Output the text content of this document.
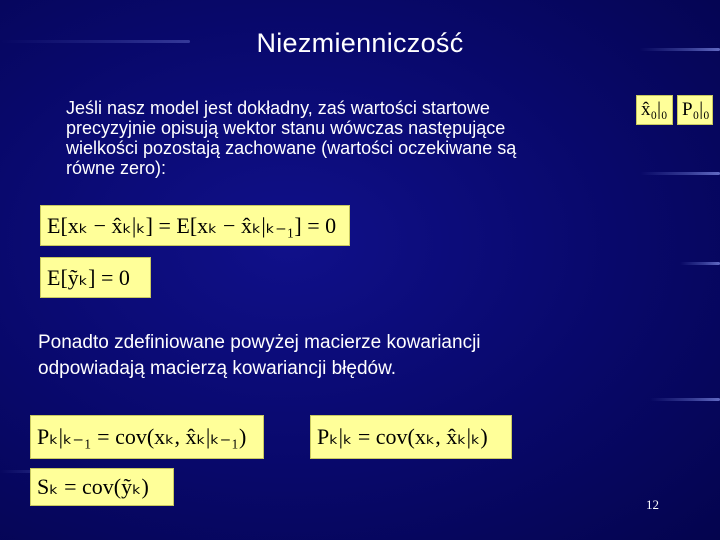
Niezmienniczość
Jeśli nasz model jest dokładny, zaś wartości startowe
precyzyjnie opisują wektor stanu wówczas następujące
wielkości pozostają zachowane (wartości oczekiwane są
równe zero):
x̂₀|₀ P₀|₀
E[xₖ − x̂ₖ|ₖ] = E[xₖ − x̂ₖ|ₖ₋₁] = 0
E[ỹₖ] = 0
Ponadto zdefiniowane powyżej macierze kowariancji
odpowiadają macierzą kowariancji błędów.
Pₖ|ₖ₋₁ = cov(xₖ, x̂ₖ|ₖ₋₁)	Pₖ|ₖ = cov(xₖ, x̂ₖ|ₖ)
Sₖ = cov(ỹₖ)
12
